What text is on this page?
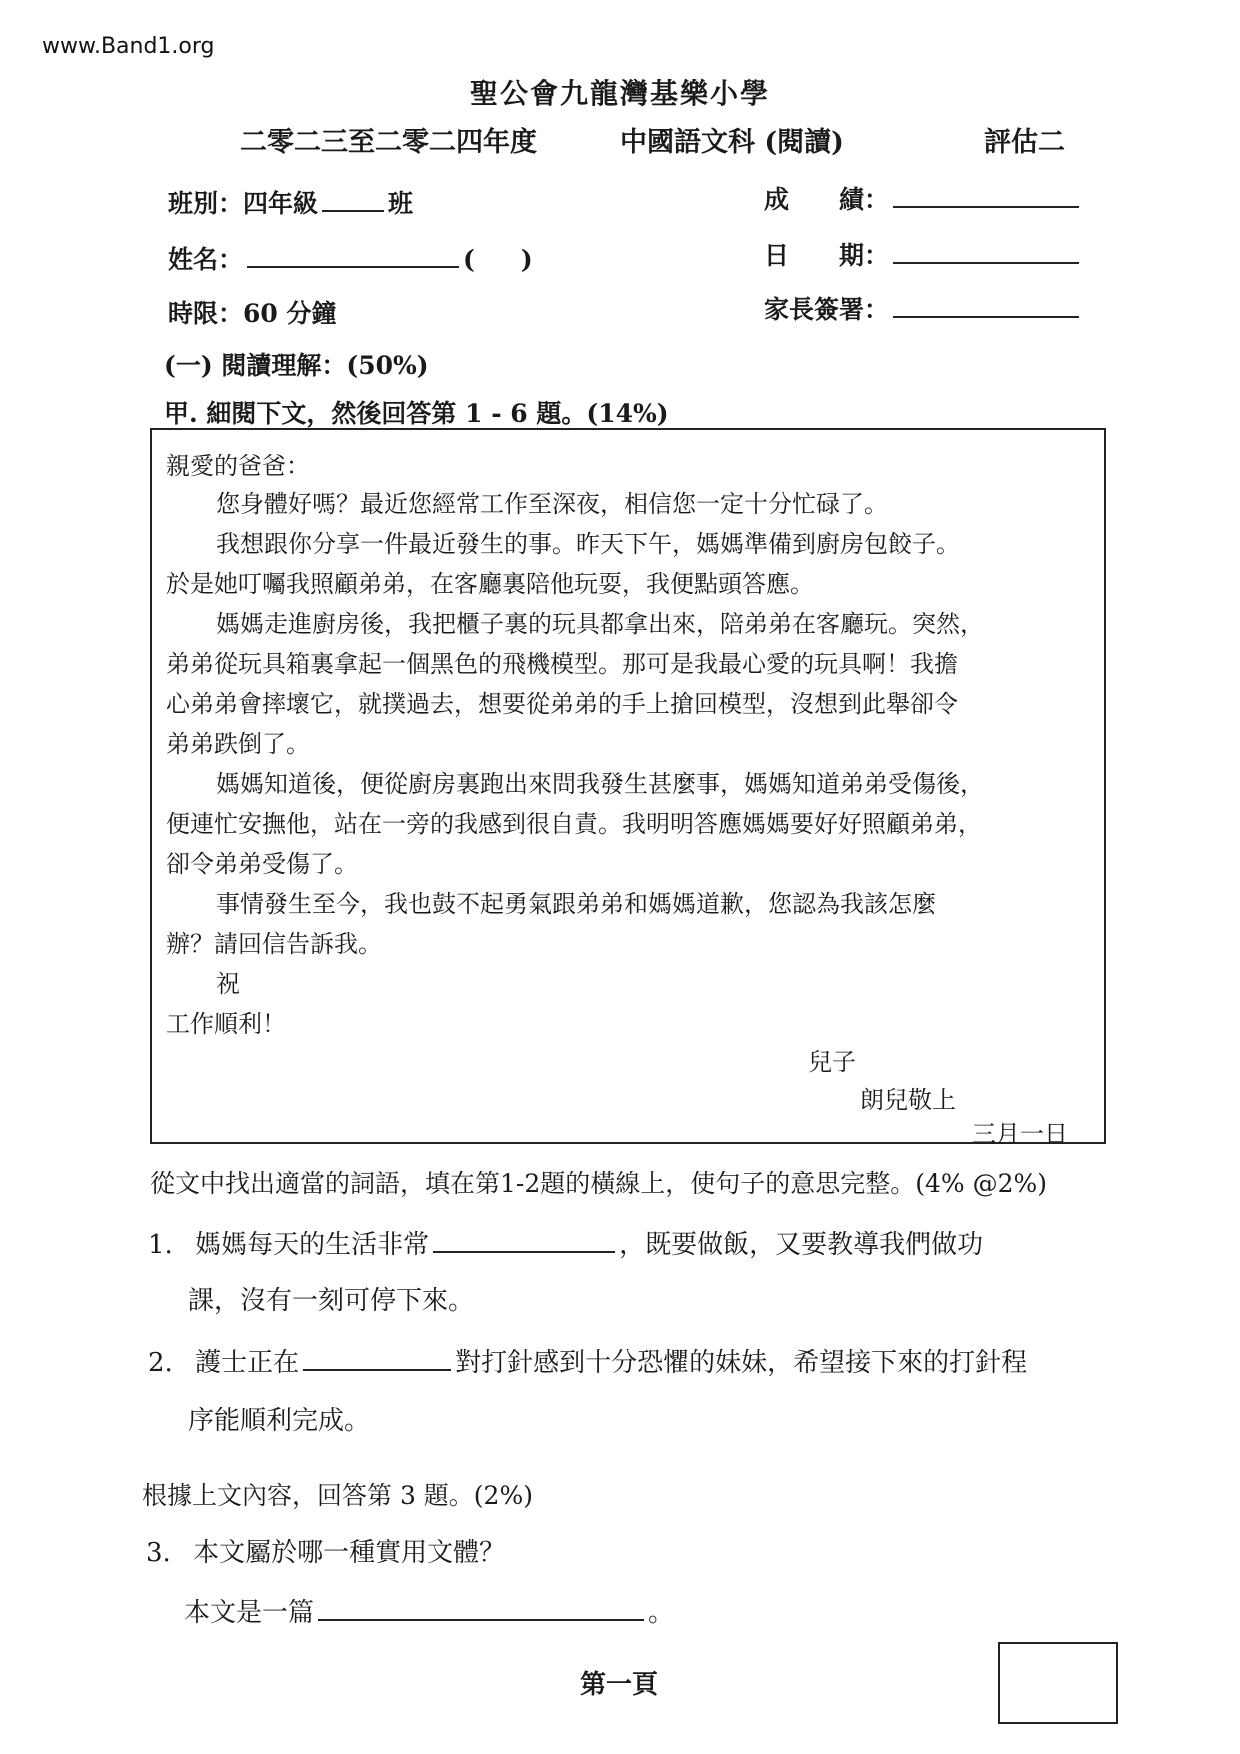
www.Band1.org
聖公會九龍灣基樂小學
二零二三至二零二四年度	中國語文科 (閱讀)	評估二
班別：四年級	班
姓名：	( )
時限：60 分鐘
成　　績：
日　　期：
家長簽署：
(一) 閱讀理解：(50%)
甲. 細閱下文，然後回答第 1 - 6 題。(14%)
親愛的爸爸：
您身體好嗎？最近您經常工作至深夜，相信您一定十分忙碌了。
我想跟你分享一件最近發生的事。昨天下午，媽媽準備到廚房包餃子。
於是她叮囑我照顧弟弟，在客廳裏陪他玩耍，我便點頭答應。
媽媽走進廚房後，我把櫃子裏的玩具都拿出來，陪弟弟在客廳玩。突然，
弟弟從玩具箱裏拿起一個黑色的飛機模型。那可是我最心愛的玩具啊！我擔
心弟弟會摔壞它，就撲過去，想要從弟弟的手上搶回模型，沒想到此舉卻令
弟弟跌倒了。
媽媽知道後，便從廚房裏跑出來問我發生甚麼事，媽媽知道弟弟受傷後，
便連忙安撫他，站在一旁的我感到很自責。我明明答應媽媽要好好照顧弟弟，
卻令弟弟受傷了。
事情發生至今，我也鼓不起勇氣跟弟弟和媽媽道歉，您認為我該怎麼
辦？請回信告訴我。
祝
工作順利！
兒子
朗兒敬上
三月一日
從文中找出適當的詞語，填在第1-2題的橫線上，使句子的意思完整。(4% @2%)
1. 媽媽每天的生活非常	，既要做飯，又要教導我們做功
課，沒有一刻可停下來。
2. 護士正在	對打針感到十分恐懼的妹妹，希望接下來的打針程
序能順利完成。
根據上文內容，回答第 3 題。(2%)
3. 本文屬於哪一種實用文體？
本文是一篇	。
第一頁
